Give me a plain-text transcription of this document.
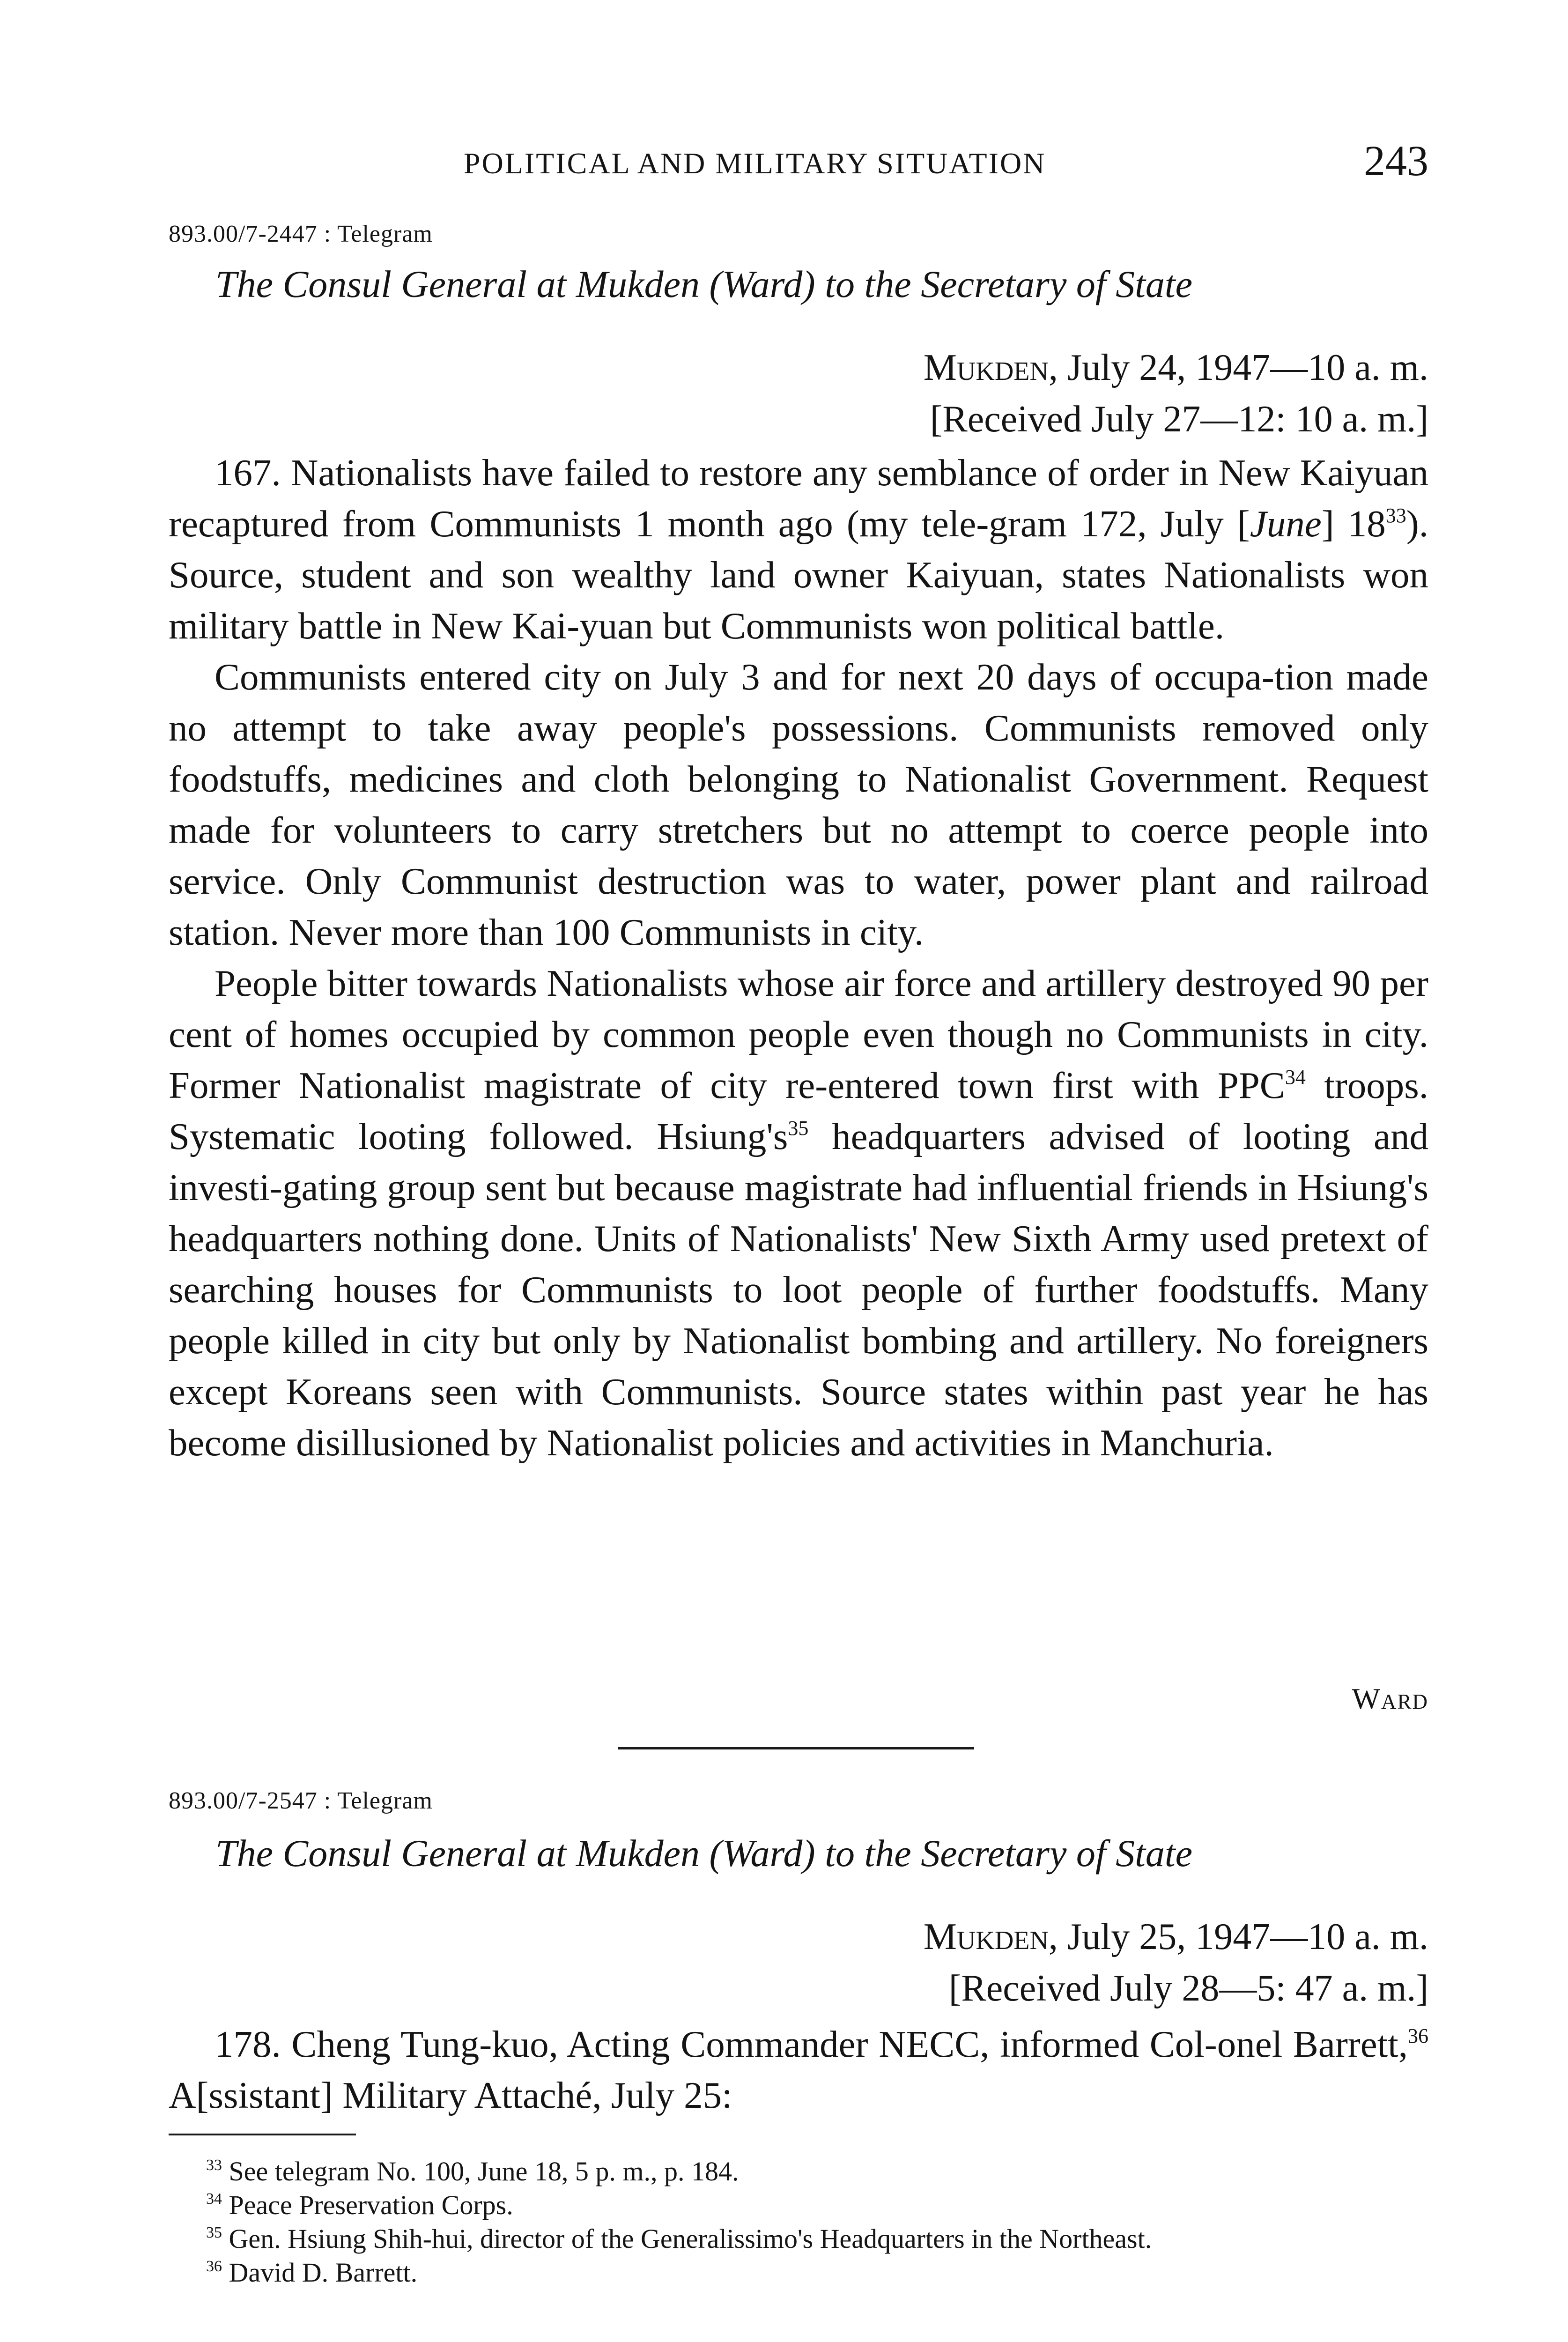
POLITICAL AND MILITARY SITUATION	243
893.00/7-2447 : Telegram
The Consul General at Mukden (Ward) to the Secretary of State
Mukden, July 24, 1947—10 a. m.
[Received July 27—12: 10 a. m.]

167. Nationalists have failed to restore any semblance of order in New Kaiyuan recaptured from Communists 1 month ago (my tele-gram 172, July [June] 18$^{33}$). Source, student and son wealthy land owner Kaiyuan, states Nationalists won military battle in New Kai-yuan but Communists won political battle.

Communists entered city on July 3 and for next 20 days of occupa-tion made no attempt to take away people's possessions. Communists removed only foodstuffs, medicines and cloth belonging to Nationalist Government. Request made for volunteers to carry stretchers but no attempt to coerce people into service. Only Communist destruction was to water, power plant and railroad station. Never more than 100 Communists in city.

People bitter towards Nationalists whose air force and artillery destroyed 90 per cent of homes occupied by common people even though no Communists in city. Former Nationalist magistrate of city re-entered town first with PPC$^{34}$ troops. Systematic looting followed. Hsiung's$^{35}$ headquarters advised of looting and investi-gating group sent but because magistrate had influential friends in Hsiung's headquarters nothing done. Units of Nationalists' New Sixth Army used pretext of searching houses for Communists to loot people of further foodstuffs. Many people killed in city but only by Nationalist bombing and artillery. No foreigners except Koreans seen with Communists. Source states within past year he has become disillusioned by Nationalist policies and activities in Manchuria.

Ward
893.00/7-2547 : Telegram
The Consul General at Mukden (Ward) to the Secretary of State
Mukden, July 25, 1947—10 a. m.
[Received July 28—5: 47 a. m.]

178. Cheng Tung-kuo, Acting Commander NECC, informed Col-onel Barrett,$^{36}$ A[ssistant] Military Attaché, July 25:

$^{33}$ See telegram No. 100, June 18, 5 p. m., p. 184.

$^{34}$ Peace Preservation Corps.

$^{35}$ Gen. Hsiung Shih-hui, director of the Generalissimo's Headquarters in the Northeast.

$^{36}$ David D. Barrett.
